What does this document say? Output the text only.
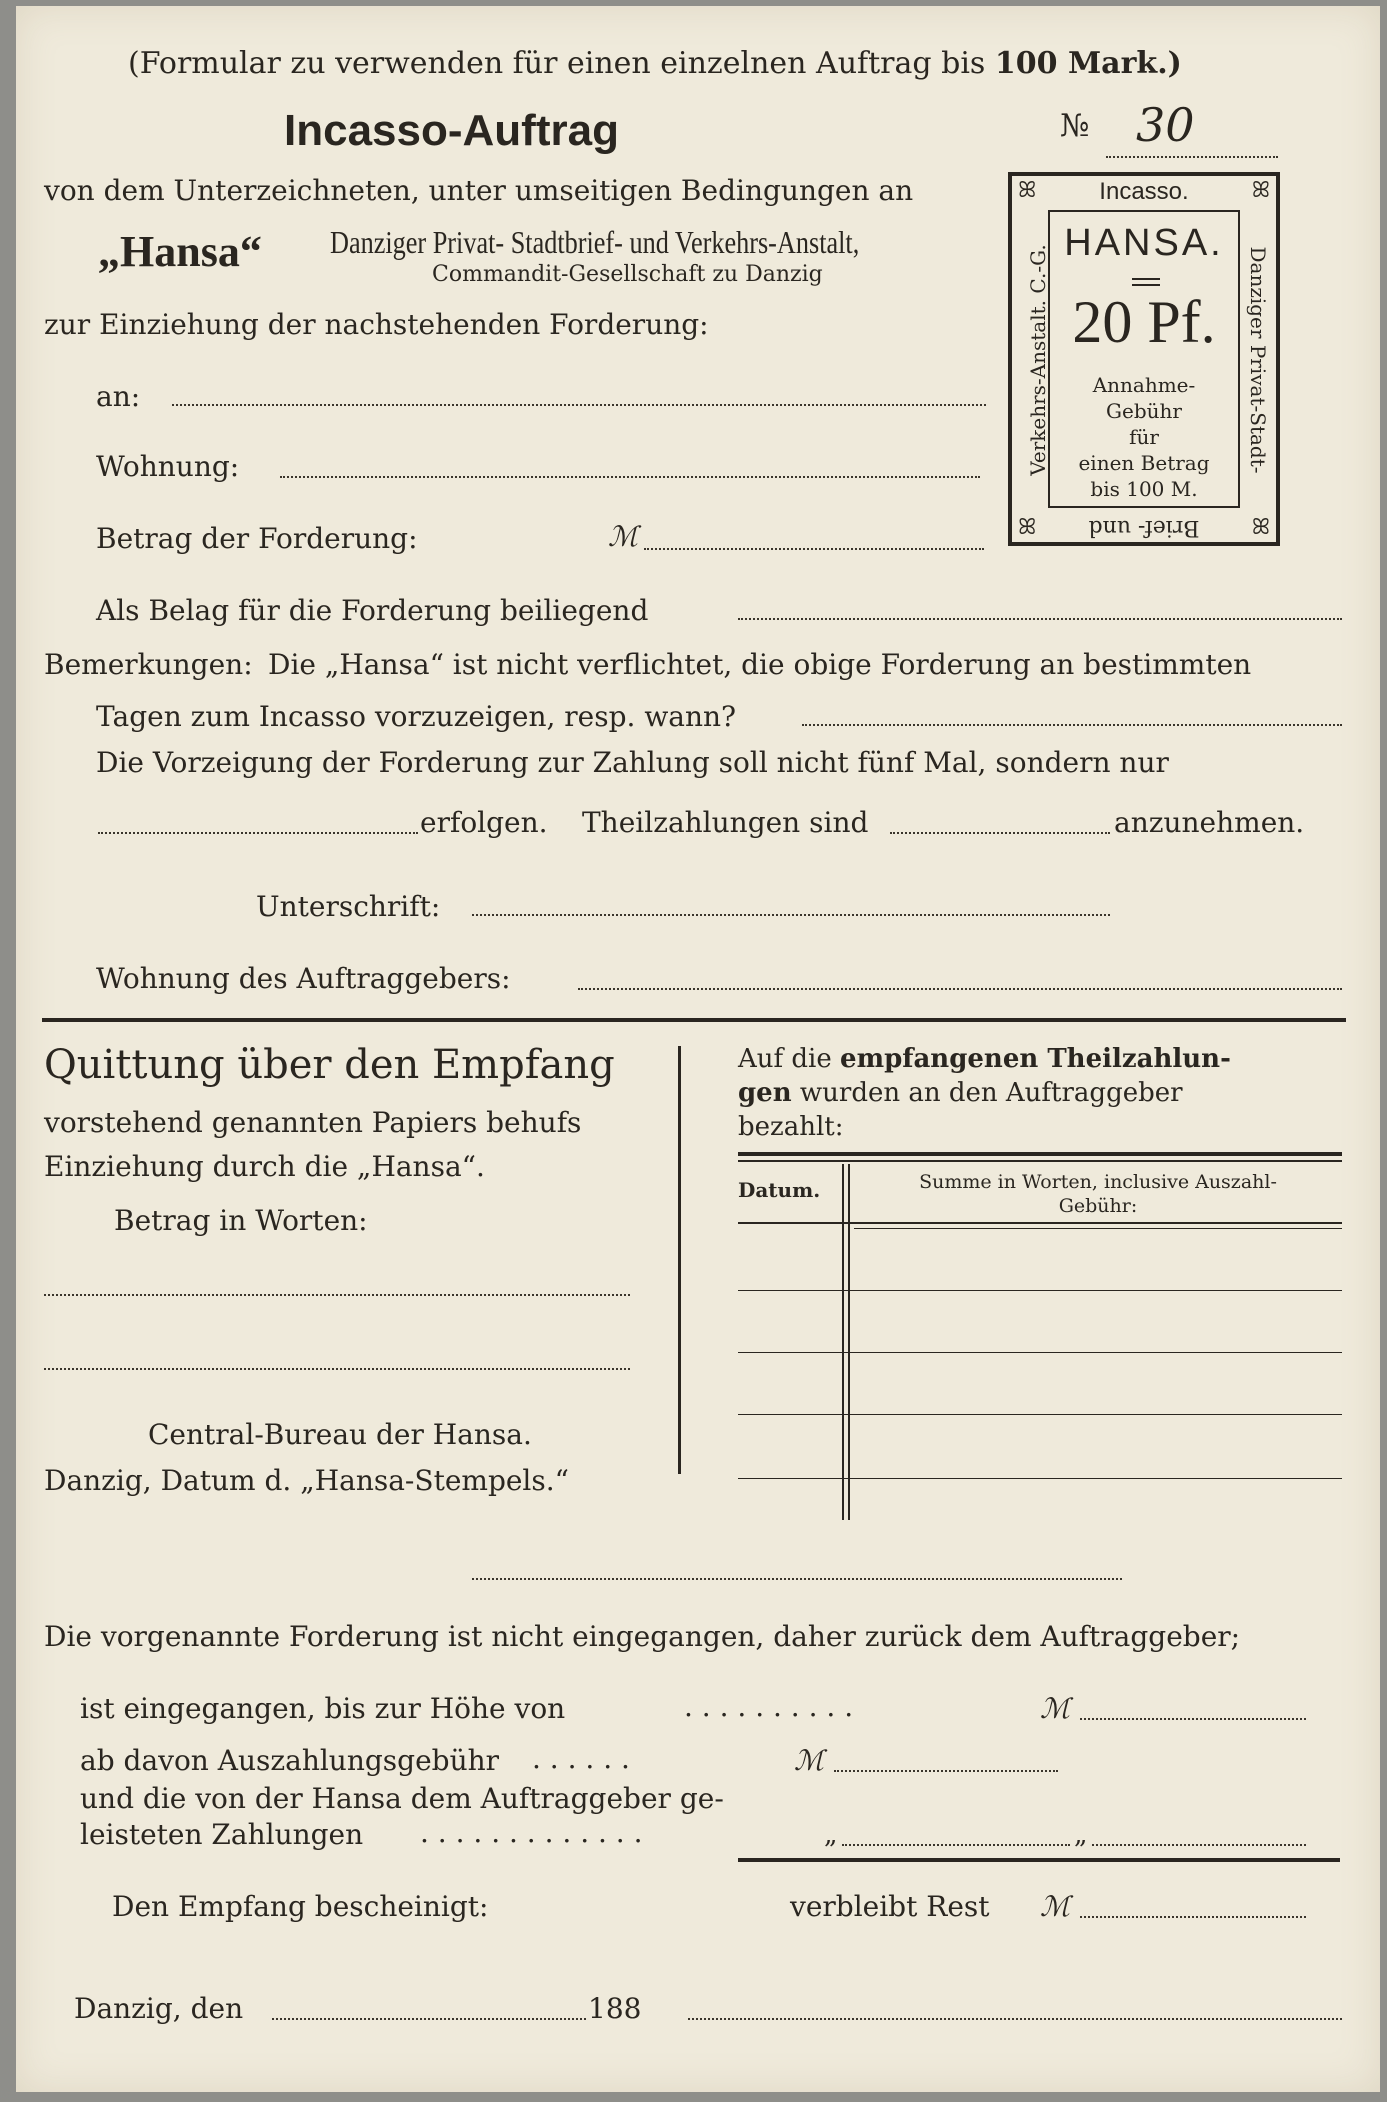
(Formular zu verwenden für einen einzelnen Auftrag bis 100 Mark.)
Incasso-Auftrag	№ 30
von dem Unterzeichneten, unter umseitigen Bedingungen an
„Hansa“ Danziger Privat- Stadtbrief- und Verkehrs-Anstalt,
Commandit-Gesellschaft zu Danzig
zur Einziehung der nachstehenden Forderung:
ꕤ	ꕤ
ꕤ	ꕤ
Incasso.
HANSA.
20 Pf.
Annahme-
Gebühr
für
einen Betrag
bis 100 M.
Brief- und
Verkehrs-Anstalt. C.-G.	Danziger Privat-Stadt-
an:
Wohnung:
Betrag der Forderung:	ℳ
Als Belag für die Forderung beiliegend
Bemerkungen: Die „Hansa“ ist nicht verflichtet, die obige Forderung an bestimmten
Tagen zum Incasso vorzuzeigen, resp. wann?
Die Vorzeigung der Forderung zur Zahlung soll nicht fünf Mal, sondern nur
erfolgen. Theilzahlungen sind	anzunehmen.
Unterschrift:
Wohnung des Auftraggebers:
Quittung über den Empfang
vorstehend genannten Papiers behufs
Einziehung durch die „Hansa“.
Betrag in Worten:
Central-Bureau der Hansa.
Danzig, Datum d. „Hansa-Stempels.“
Auf die empfangenen Theilzahlun-
gen wurden an den Auftraggeber
bezahlt:
Datum.	Summe in Worten, inclusive Auszahl-
Gebühr:
Die vorgenannte Forderung ist nicht eingegangen, daher zurück dem Auftraggeber;
ist eingegangen, bis zur Höhe von	. . . . . . . . . .	ℳ
ab davon Auszahlungsgebühr . . . . . .	ℳ
und die von der Hansa dem Auftraggeber ge-
leisteten Zahlungen . . . . . . . . . . . . .	„	„
Den Empfang bescheinigt:	verbleibt Rest ℳ
Danzig, den	188
